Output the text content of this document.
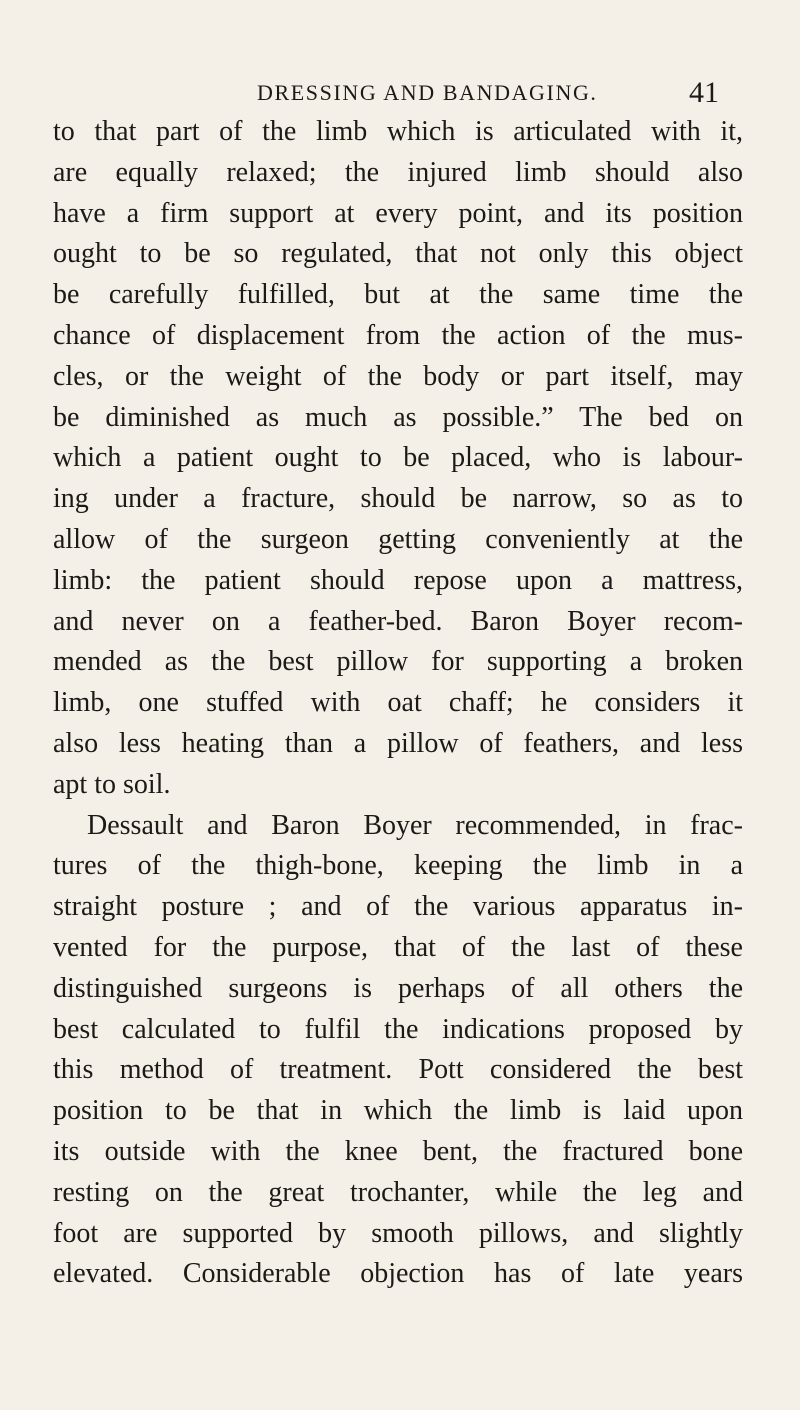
DRESSING AND BANDAGING.	41
to that part of the limb which is articulated with it,
are equally relaxed; the injured limb should also
have a firm support at every point, and its position
ought to be so regulated, that not only this object
be carefully fulfilled, but at the same time the
chance of displacement from the action of the mus-
cles, or the weight of the body or part itself, may
be diminished as much as possible.” The bed on
which a patient ought to be placed, who is labour-
ing under a fracture, should be narrow, so as to
allow of the surgeon getting conveniently at the
limb: the patient should repose upon a mattress,
and never on a feather-bed. Baron Boyer recom-
mended as the best pillow for supporting a broken
limb, one stuffed with oat chaff; he considers it
also less heating than a pillow of feathers, and less
apt to soil.
Dessault and Baron Boyer recommended, in frac-
tures of the thigh-bone, keeping the limb in a
straight posture ; and of the various apparatus in-
vented for the purpose, that of the last of these
distinguished surgeons is perhaps of all others the
best calculated to fulfil the indications proposed by
this method of treatment. Pott considered the best
position to be that in which the limb is laid upon
its outside with the knee bent, the fractured bone
resting on the great trochanter, while the leg and
foot are supported by smooth pillows, and slightly
elevated. Considerable objection has of late years
